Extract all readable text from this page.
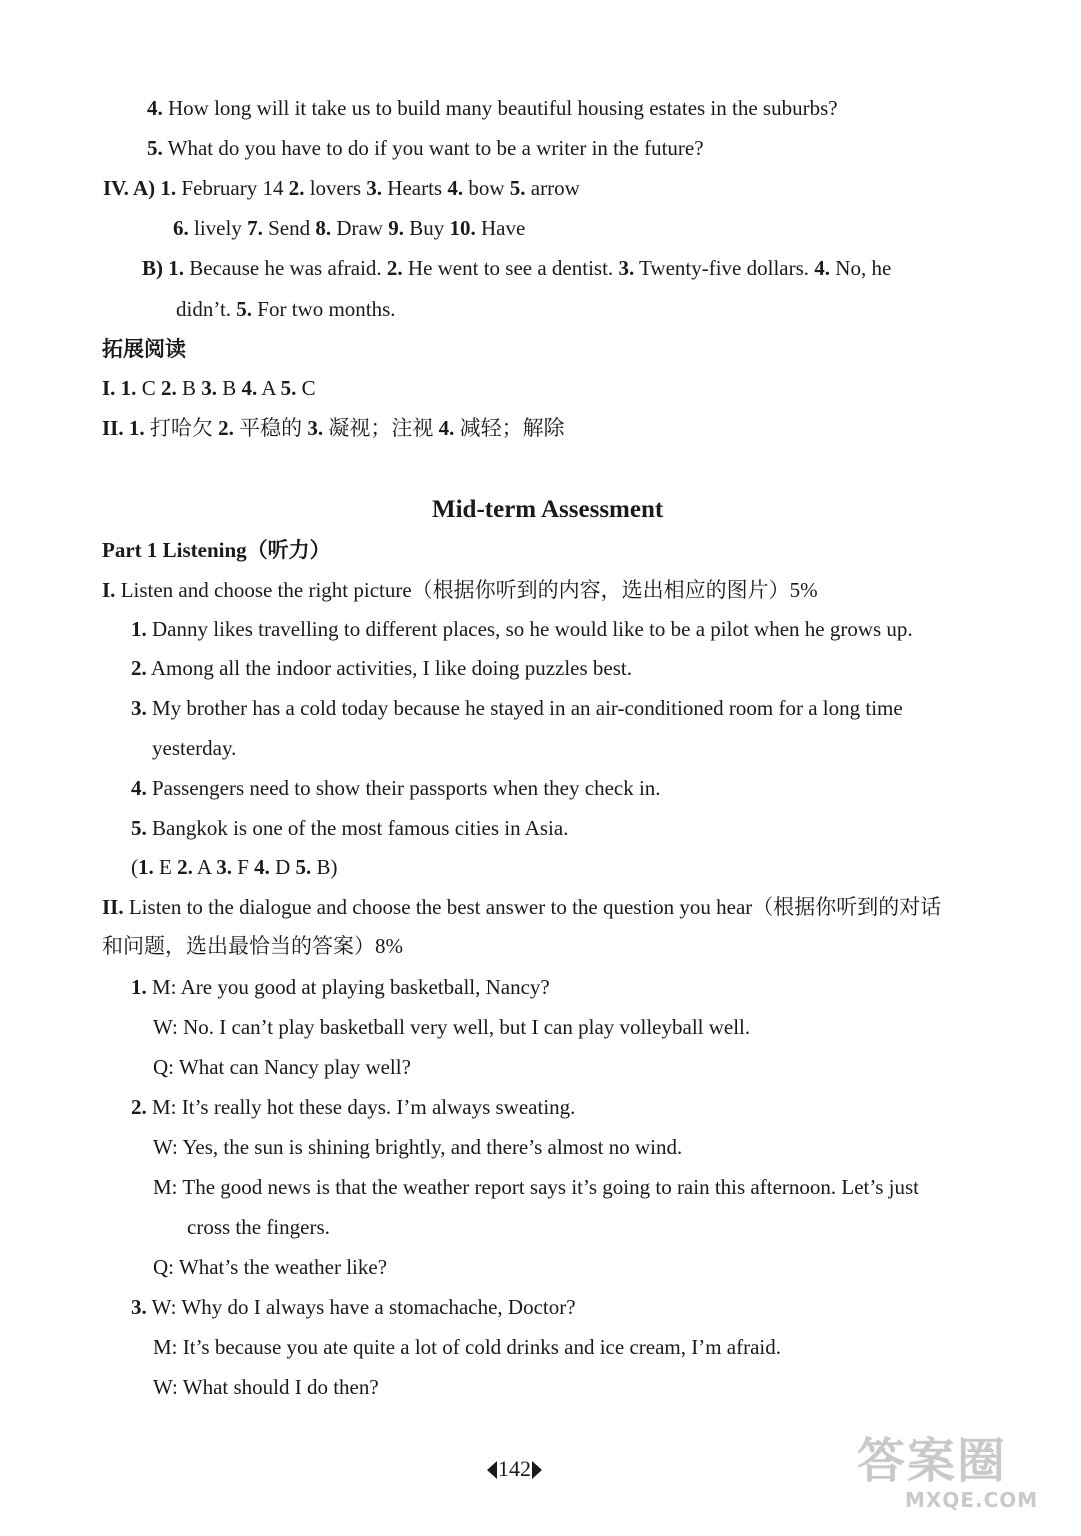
4. How long will it take us to build many beautiful housing estates in the suburbs?
5. What do you have to do if you want to be a writer in the future?
IV. A) 1. February 14 2. lovers 3. Hearts 4. bow 5. arrow
6. lively 7. Send 8. Draw 9. Buy 10. Have
B) 1. Because he was afraid. 2. He went to see a dentist. 3. Twenty-five dollars. 4. No, he
didn’t. 5. For two months.
拓展阅读
I. 1. C 2. B 3. B 4. A 5. C
II. 1. 打哈欠 2. 平稳的 3. 凝视；注视 4. 减轻；解除
Part 1 Listening（听力）
I. Listen and choose the right picture（根据你听到的内容，选出相应的图片）5%
1. Danny likes travelling to different places, so he would like to be a pilot when he grows up.
2. Among all the indoor activities, I like doing puzzles best.
3. My brother has a cold today because he stayed in an air-conditioned room for a long time
yesterday.
4. Passengers need to show their passports when they check in.
5. Bangkok is one of the most famous cities in Asia.
(1. E 2. A 3. F 4. D 5. B)
II. Listen to the dialogue and choose the best answer to the question you hear（根据你听到的对话
和问题，选出最恰当的答案）8%
1. M: Are you good at playing basketball, Nancy?
W: No. I can’t play basketball very well, but I can play volleyball well.
Q: What can Nancy play well?
2. M: It’s really hot these days. I’m always sweating.
W: Yes, the sun is shining brightly, and there’s almost no wind.
M: The good news is that the weather report says it’s going to rain this afternoon. Let’s just
cross the fingers.
Q: What’s the weather like?
3. W: Why do I always have a stomachache, Doctor?
M: It’s because you ate quite a lot of cold drinks and ice cream, I’m afraid.
W: What should I do then?
Mid-term Assessment
142	答案圈
MXQE.COM
